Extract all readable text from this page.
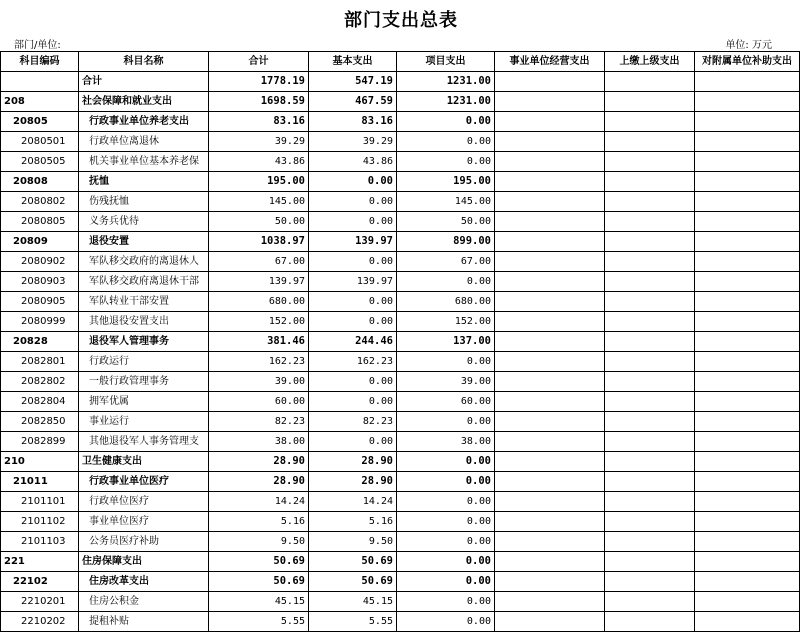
部门支出总表
部门/单位:	单位: 万元
科目编码	科目名称	合计	基本支出	项目支出	事业单位经营支出	上缴上级支出	对附属单位补助支出
	合计	1778.19	547.19	1231.00			
208	社会保障和就业支出	1698.59	467.59	1231.00			
20805	行政事业单位养老支出	83.16	83.16	0.00			
2080501	行政单位离退休	39.29	39.29	0.00			
2080505	机关事业单位基本养老保	43.86	43.86	0.00			
20808	抚恤	195.00	0.00	195.00			
2080802	伤残抚恤	145.00	0.00	145.00			
2080805	义务兵优待	50.00	0.00	50.00			
20809	退役安置	1038.97	139.97	899.00			
2080902	军队移交政府的离退休人	67.00	0.00	67.00			
2080903	军队移交政府离退休干部	139.97	139.97	0.00			
2080905	军队转业干部安置	680.00	0.00	680.00			
2080999	其他退役安置支出	152.00	0.00	152.00			
20828	退役军人管理事务	381.46	244.46	137.00			
2082801	行政运行	162.23	162.23	0.00			
2082802	一般行政管理事务	39.00	0.00	39.00			
2082804	拥军优属	60.00	0.00	60.00			
2082850	事业运行	82.23	82.23	0.00			
2082899	其他退役军人事务管理支	38.00	0.00	38.00			
210	卫生健康支出	28.90	28.90	0.00			
21011	行政事业单位医疗	28.90	28.90	0.00			
2101101	行政单位医疗	14.24	14.24	0.00			
2101102	事业单位医疗	5.16	5.16	0.00			
2101103	公务员医疗补助	9.50	9.50	0.00			
221	住房保障支出	50.69	50.69	0.00			
22102	住房改革支出	50.69	50.69	0.00			
2210201	住房公积金	45.15	45.15	0.00			
2210202	提租补贴	5.55	5.55	0.00			
